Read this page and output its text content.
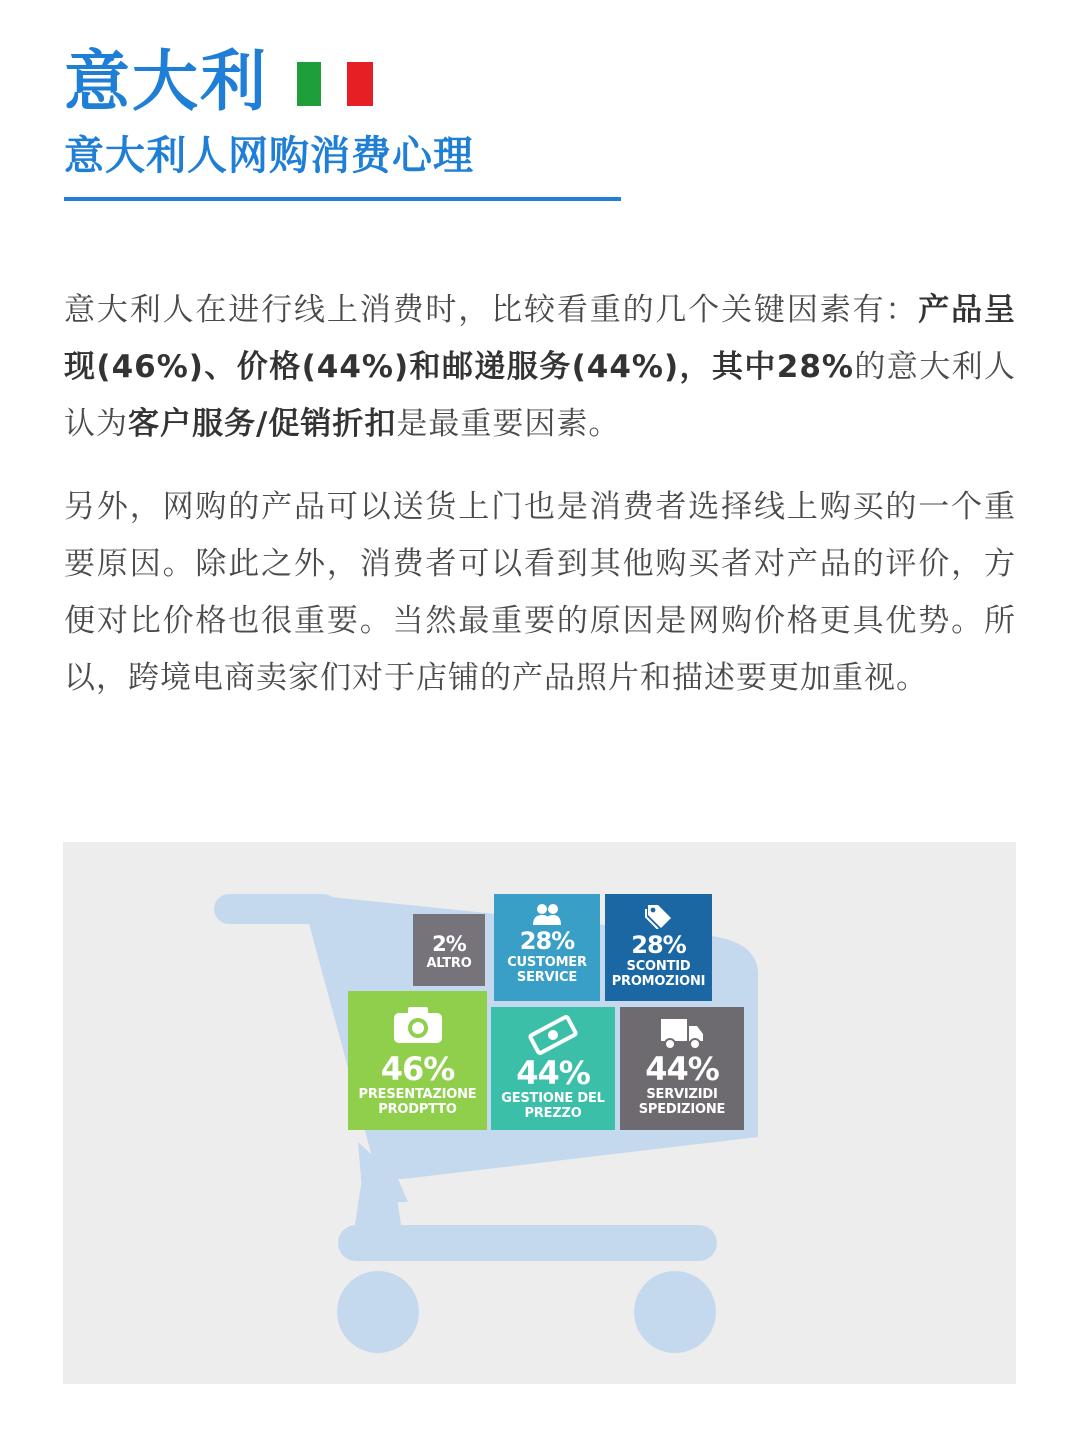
意大利
意大利人网购消费心理

意大利人在进行线上消费时，比较看重的几个关键因素有：产品呈现(46%)、价格(44%)和邮递服务(44%)，其中28%的意大利人认为客户服务/促销折扣是最重要因素。

另外，网购的产品可以送货上门也是消费者选择线上购买的一个重要原因。除此之外，消费者可以看到其他购买者对产品的评价，方便对比价格也很重要。当然最重要的原因是网购价格更具优势。所以，跨境电商卖家们对于店铺的产品照片和描述要更加重视。

2%
ALTRO
28%
CUSTOMER
SERVICE
28%
SCONTID
PROMOZIONI
46%
PRESENTAZIONE
PRODPTTO
44%
GESTIONE DEL
PREZZO
44%
SERVIZIDI
SPEDIZIONE
